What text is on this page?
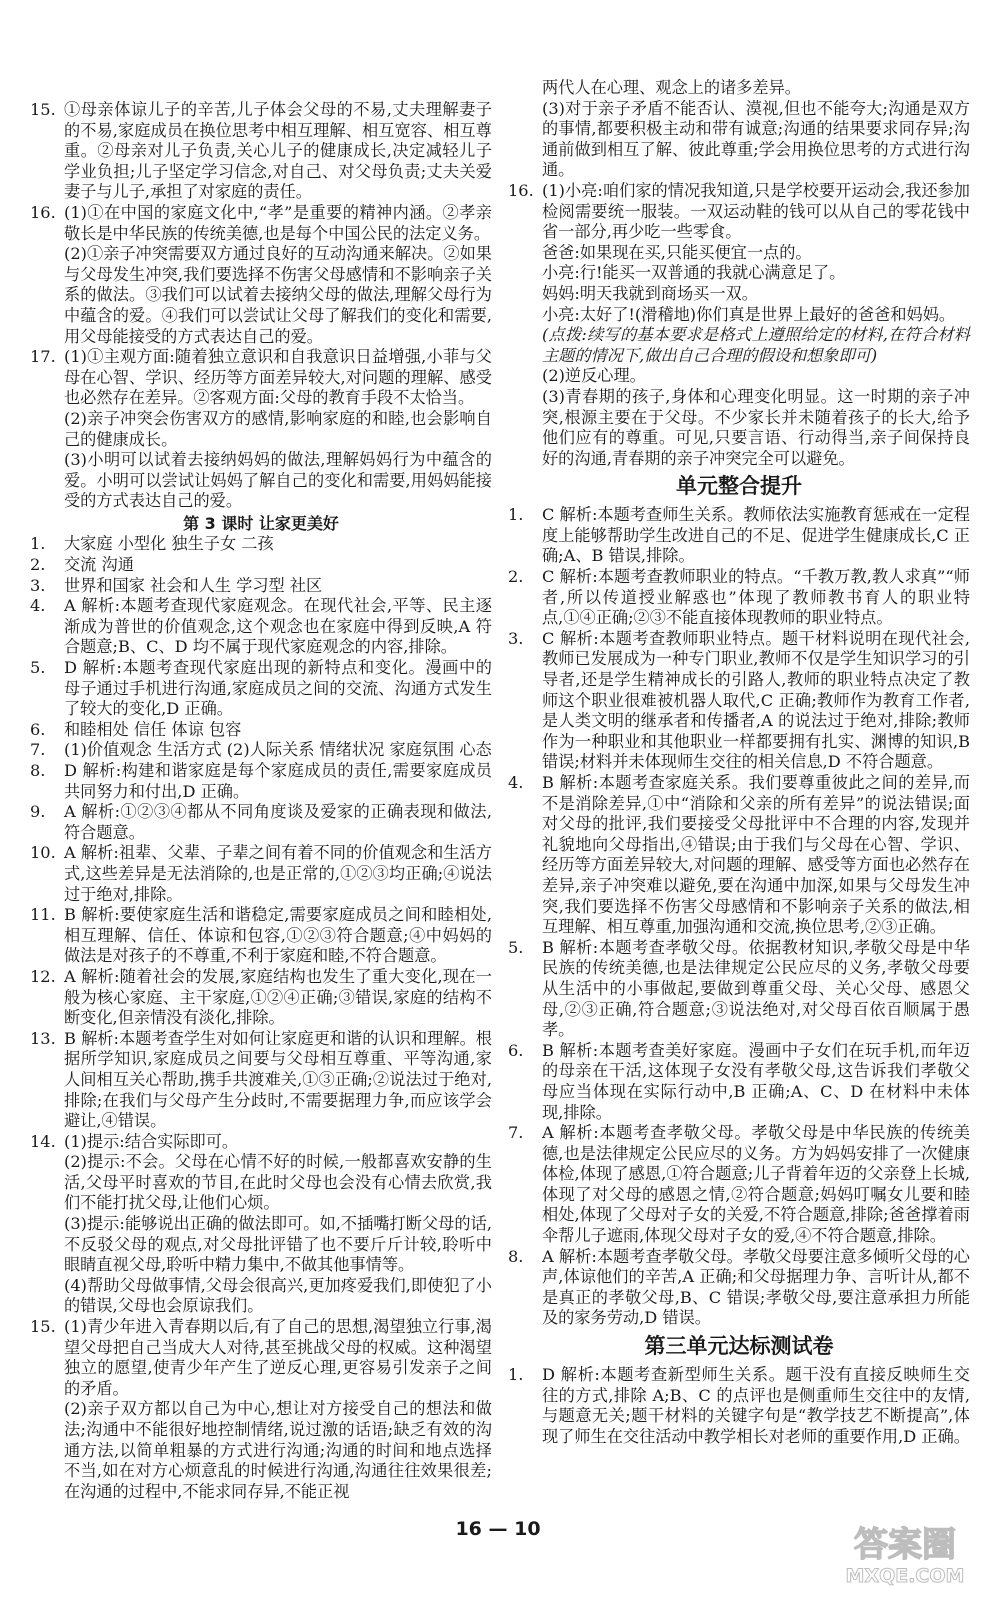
15. ①母亲体谅儿子的辛苦,儿子体会父母的不易,丈夫理解妻子的不易,家庭成员在换位思考中相互理解、相互宽容、相互尊重。②母亲对儿子负责,关心儿子的健康成长,决定减轻儿子学业负担;儿子坚定学习信念,对自己、对父母负责;丈夫关爱妻子与儿子,承担了对家庭的责任。
16. (1)①在中国的家庭文化中,“孝”是重要的精神内涵。②孝亲敬长是中华民族的传统美德,也是每个中国公民的法定义务。
(2)①亲子冲突需要双方通过良好的互动沟通来解决。②如果与父母发生冲突,我们要选择不伤害父母感情和不影响亲子关系的做法。③我们可以试着去接纳父母的做法,理解父母行为中蕴含的爱。④我们可以尝试让父母了解我们的变化和需要,用父母能接受的方式表达自己的爱。
17. (1)①主观方面:随着独立意识和自我意识日益增强,小菲与父母在心智、学识、经历等方面差异较大,对问题的理解、感受也必然存在差异。②客观方面:父母的教育手段不太恰当。
(2)亲子冲突会伤害双方的感情,影响家庭的和睦,也会影响自己的健康成长。
(3)小明可以试着去接纳妈妈的做法,理解妈妈行为中蕴含的爱。小明可以尝试让妈妈了解自己的变化和需要,用妈妈能接受的方式表达自己的爱。
第 3 课时 让家更美好
1.	大家庭 小型化 独生子女 二孩
2.	交流 沟通
3.	世界和国家 社会和人生 学习型 社区
4.	A 解析:本题考查现代家庭观念。在现代社会,平等、民主逐渐成为普世的价值观念,这个观念也在家庭中得到反映,A 符合题意;B、C、D 均不属于现代家庭观念的内容,排除。
5.	D 解析:本题考查现代家庭出现的新特点和变化。漫画中的母子通过手机进行沟通,家庭成员之间的交流、沟通方式发生了较大的变化,D 正确。
6.	和睦相处 信任 体谅 包容
7.	(1)价值观念 生活方式 (2)人际关系 情绪状况 家庭氛围 心态
8.	D 解析:构建和谐家庭是每个家庭成员的责任,需要家庭成员共同努力和付出,D 正确。
9.	A 解析:①②③④都从不同角度谈及爱家的正确表现和做法,符合题意。
10. A 解析:祖辈、父辈、子辈之间有着不同的价值观念和生活方式,这些差异是无法消除的,也是正常的,①②③均正确;④说法过于绝对,排除。
11. B 解析:要使家庭生活和谐稳定,需要家庭成员之间和睦相处,相互理解、信任、体谅和包容,①②③符合题意;④中妈妈的做法是对孩子的不尊重,不利于家庭和睦,不符合题意。
12. A 解析:随着社会的发展,家庭结构也发生了重大变化,现在一般为核心家庭、主干家庭,①②④正确;③错误,家庭的结构不断变化,但亲情没有淡化,排除。
13. B 解析:本题考查学生对如何让家庭更和谐的认识和理解。根据所学知识,家庭成员之间要与父母相互尊重、平等沟通,家人间相互关心帮助,携手共渡难关,①③正确;②说法过于绝对,排除;在我们与父母产生分歧时,不需要据理力争,而应该学会避让,④错误。
14. (1)提示:结合实际即可。
(2)提示:不会。父母在心情不好的时候,一般都喜欢安静的生活,父母平时喜欢的节目,在此时父母也会没有心情去欣赏,我们不能打扰父母,让他们心烦。
(3)提示:能够说出正确的做法即可。如,不插嘴打断父母的话,不反驳父母的观点,对父母批评错了也不要斤斤计较,聆听中眼睛直视父母,聆听中精力集中,不做其他事情等。
(4)帮助父母做事情,父母会很高兴,更加疼爱我们,即使犯了小的错误,父母也会原谅我们。
15. (1)青少年进入青春期以后,有了自己的思想,渴望独立行事,渴望父母把自己当成大人对待,甚至挑战父母的权威。这种渴望独立的愿望,使青少年产生了逆反心理,更容易引发亲子之间的矛盾。
(2)亲子双方都以自己为中心,想让对方接受自己的想法和做法;沟通中不能很好地控制情绪,说过激的话语;缺乏有效的沟通方法,以简单粗暴的方式进行沟通;沟通的时间和地点选择不当,如在对方心烦意乱的时候进行沟通,沟通往往效果很差;在沟通的过程中,不能求同存异,不能正视
两代人在心理、观念上的诸多差异。
(3)对于亲子矛盾不能否认、漠视,但也不能夸大;沟通是双方的事情,都要积极主动和带有诚意;沟通的结果要求同存异;沟通前做到相互了解、彼此尊重;学会用换位思考的方式进行沟通。
16. (1)小亮:咱们家的情况我知道,只是学校要开运动会,我还参加检阅需要统一服装。一双运动鞋的钱可以从自己的零花钱中省一部分,再少吃一些零食。
爸爸:如果现在买,只能买便宜一点的。
小亮:行!能买一双普通的我就心满意足了。
妈妈:明天我就到商场买一双。
小亮:太好了!(滑稽地)你们真是世界上最好的爸爸和妈妈。
(点拨:续写的基本要求是格式上遵照给定的材料,在符合材料主题的情况下,做出自己合理的假设和想象即可)
(2)逆反心理。
(3)青春期的孩子,身体和心理变化明显。这一时期的亲子冲突,根源主要在于父母。不少家长并未随着孩子的长大,给予他们应有的尊重。可见,只要言语、行动得当,亲子间保持良好的沟通,青春期的亲子冲突完全可以避免。
单元整合提升
1.	C 解析:本题考查师生关系。教师依法实施教育惩戒在一定程度上能够帮助学生改进自己的不足、促进学生健康成长,C 正确;A、B 错误,排除。
2.	C 解析:本题考查教师职业的特点。“千教万教,教人求真”“师者,所以传道授业解惑也”体现了教师教书育人的职业特点,①④正确;②③不能直接体现教师的职业特点。
3.	C 解析:本题考查教师职业特点。题干材料说明在现代社会,教师已发展成为一种专门职业,教师不仅是学生知识学习的引导者,还是学生精神成长的引路人,教师的职业特点决定了教师这个职业很难被机器人取代,C 正确;教师作为教育工作者,是人类文明的继承者和传播者,A 的说法过于绝对,排除;教师作为一种职业和其他职业一样都要拥有扎实、渊博的知识,B 错误;材料并未体现师生交往的相关信息,D 不符合题意。
4.	B 解析:本题考查家庭关系。我们要尊重彼此之间的差异,而不是消除差异,①中“消除和父亲的所有差异”的说法错误;面对父母的批评,我们要接受父母批评中不合理的内容,发现并礼貌地向父母指出,④错误;由于我们与父母在心智、学识、经历等方面差异较大,对问题的理解、感受等方面也必然存在差异,亲子冲突难以避免,要在沟通中加深,如果与父母发生冲突,我们要选择不伤害父母感情和不影响亲子关系的做法,相互理解、相互尊重,加强沟通和交流,换位思考,②③正确。
5.	B 解析:本题考查孝敬父母。依据教材知识,孝敬父母是中华民族的传统美德,也是法律规定公民应尽的义务,孝敬父母要从生活中的小事做起,要做到尊重父母、关心父母、感恩父母,②③正确,符合题意;③说法绝对,对父母百依百顺属于愚孝。
6.	B 解析:本题考查美好家庭。漫画中子女们在玩手机,而年迈的母亲在干活,这体现子女没有孝敬父母,这告诉我们孝敬父母应当体现在实际行动中,B 正确;A、C、D 在材料中未体现,排除。
7.	A 解析:本题考查孝敬父母。孝敬父母是中华民族的传统美德,也是法律规定公民应尽的义务。方为妈妈安排了一次健康体检,体现了感恩,①符合题意;儿子背着年迈的父亲登上长城,体现了对父母的感恩之情,②符合题意;妈妈叮嘱女儿要和睦相处,体现了父母对子女的关爱,不符合题意,排除;爸爸撑着雨伞帮儿子遮雨,体现父母对子女的爱,④不符合题意,排除。
8.	A 解析:本题考查孝敬父母。孝敬父母要注意多倾听父母的心声,体谅他们的辛苦,A 正确;和父母据理力争、言听计从,都不是真正的孝敬父母,B、C 错误;孝敬父母,要注意承担力所能及的家务劳动,D 错误。
第三单元达标测试卷
1.	D 解析:本题考查新型师生关系。题干没有直接反映师生交往的方式,排除 A;B、C 的点评也是侧重师生交往中的友情,与题意无关;题干材料的关键字句是“教学技艺不断提高”,体现了师生在交往活动中教学相长对老师的重要作用,D 正确。
16 — 10	答案圈
MXQE.COM
